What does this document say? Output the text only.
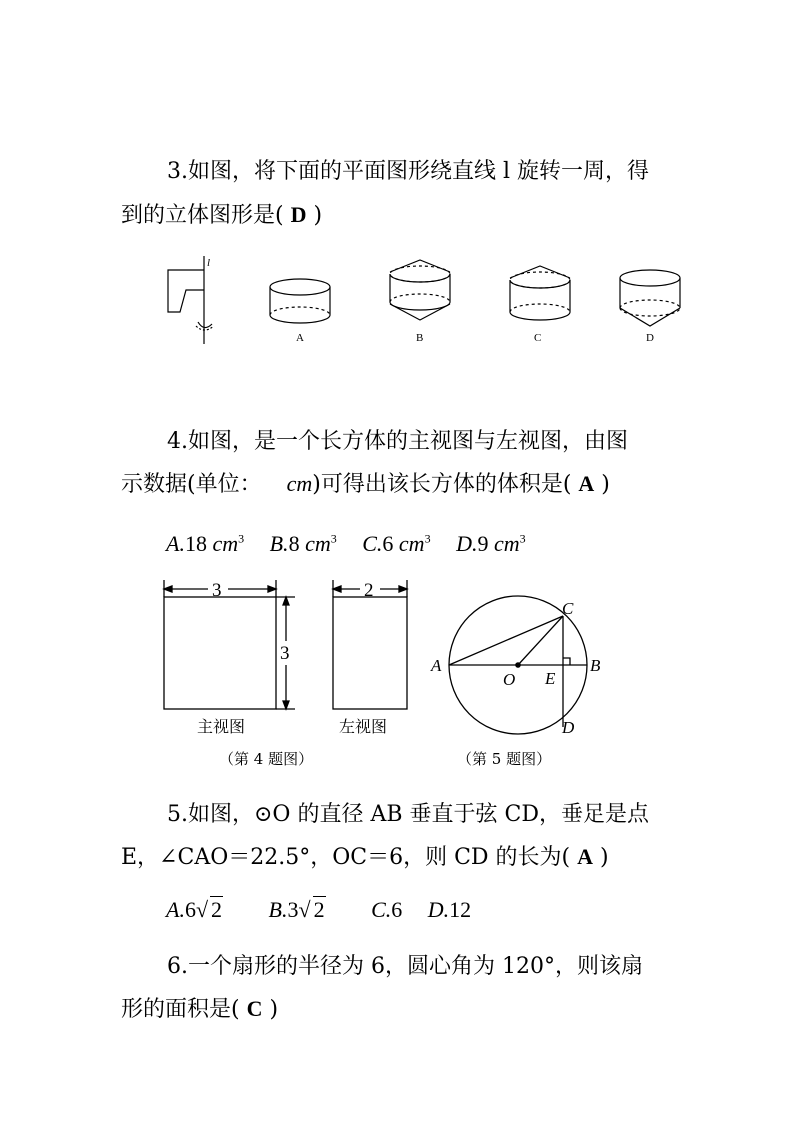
3.如图，将下面的平面图形绕直线 l 旋转一周，得
到的立体图形是( D )
l
A	B	C	D
4.如图，是一个长方体的主视图与左视图，由图
示数据(单位： cm)可得出该长方体的体积是( A )
A.18 $cm^3$ B.8 $cm^3$ C.6 $cm^3$ D.9 $cm^3$
3
3
2
主视图	左视图
（第 4 题图）
A	B
C
D
O E
（第 5 题图）
5.如图，⊙O 的直径 AB 垂直于弦 CD，垂足是点
E，∠CAO＝22.5°，OC＝6，则 CD 的长为( A )
A.6√ 2 B.3√ 2 C.6 D.12
6.一个扇形的半径为 6，圆心角为 120°，则该扇
形的面积是( C )
